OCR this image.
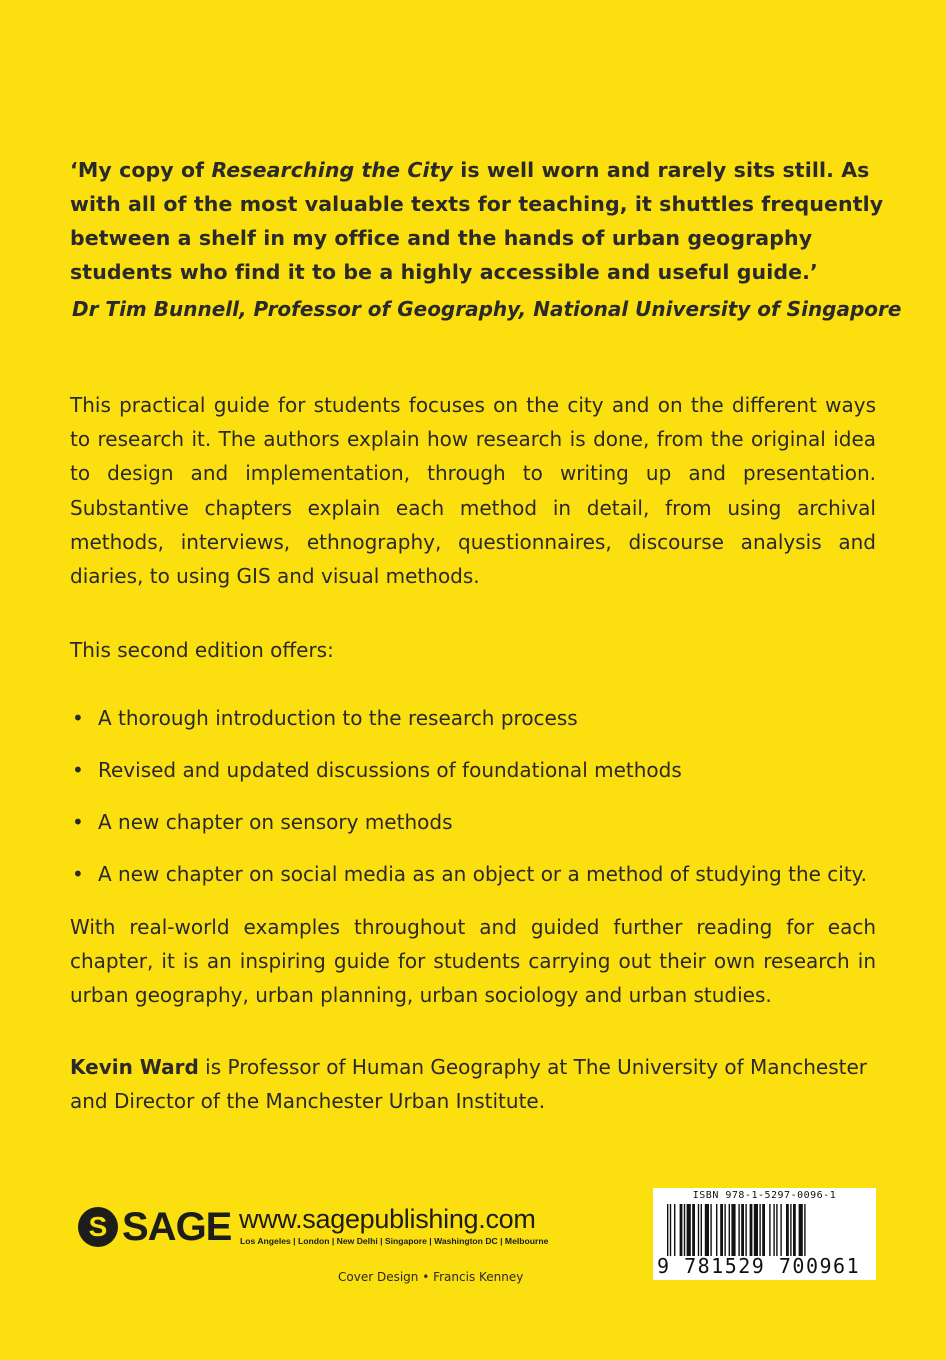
‘My copy of Researching the City is well worn and rarely sits still. As with all of the most valuable texts for teaching, it shuttles frequently between a shelf in my office and the hands of urban geography students who find it to be a highly accessible and useful guide.’

Dr Tim Bunnell, Professor of Geography, National University of Singapore

This practical guide for students focuses on the city and on the different ways to research it. The authors explain how research is done, from the original idea to design and implementation, through to writing up and presentation. Substantive chapters explain each method in detail, from using archival methods, interviews, ethnography, questionnaires, discourse analysis and diaries, to using GIS and visual methods.

This second edition offers:

• A thorough introduction to the research process
• Revised and updated discussions of foundational methods
• A new chapter on sensory methods
• A new chapter on social media as an object or a method of studying the city.

With real-world examples throughout and guided further reading for each chapter, it is an inspiring guide for students carrying out their own research in urban geography, urban planning, urban sociology and urban studies.

Kevin Ward is Professor of Human Geography at The University of Manchester and Director of the Manchester Urban Institute.

S SAGE www.sagepublishing.com
Los Angeles | London | New Delhi | Singapore | Washington DC | Melbourne
Cover Design • Francis Kenney
ISBN 978-1-5297-0096-1
9 781529 700961
